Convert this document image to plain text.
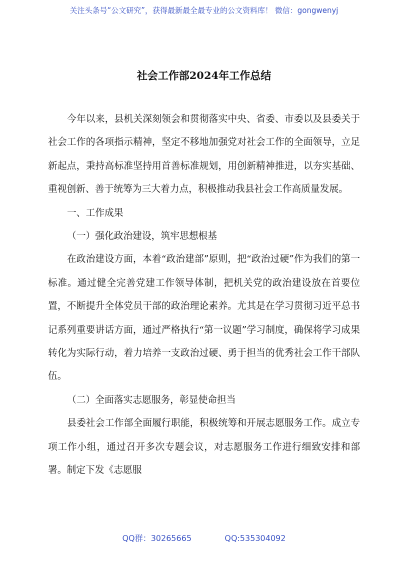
关注头条号“公文研究”，获得最新最全最专业的公文资料库！ 微信：gongwenyj
社会工作部2024年工作总结

今年以来，县机关深刻领会和贯彻落实中央、省委、市委以及县委关于社会工作的各项指示精神，坚定不移地加强党对社会工作的全面领导，立足新起点，秉持高标准坚持用首善标准规划，用创新精神推进，以夯实基础、重视创新、善于统筹为三大着力点，积极推动我县社会工作高质量发展。

一、工作成果

（一）强化政治建设，筑牢思想根基

在政治建设方面，本着“政治建部”原则，把“政治过硬”作为我们的第一标准。通过健全完善党建工作领导体制，把机关党的政治建设放在首要位置，不断提升全体党员干部的政治理论素养。尤其是在学习贯彻习近平总书记系列重要讲话方面，通过严格执行“第一议题”学习制度，确保将学习成果转化为实际行动，着力培养一支政治过硬、勇于担当的优秀社会工作干部队伍。

（二）全面落实志愿服务，彰显使命担当

县委社会工作部全面履行职能，积极统筹和开展志愿服务工作。成立专项工作小组，通过召开多次专题会议，对志愿服务工作进行细致安排和部署。制定下发《志愿服

QQ群：30265665	QQ:535304092
